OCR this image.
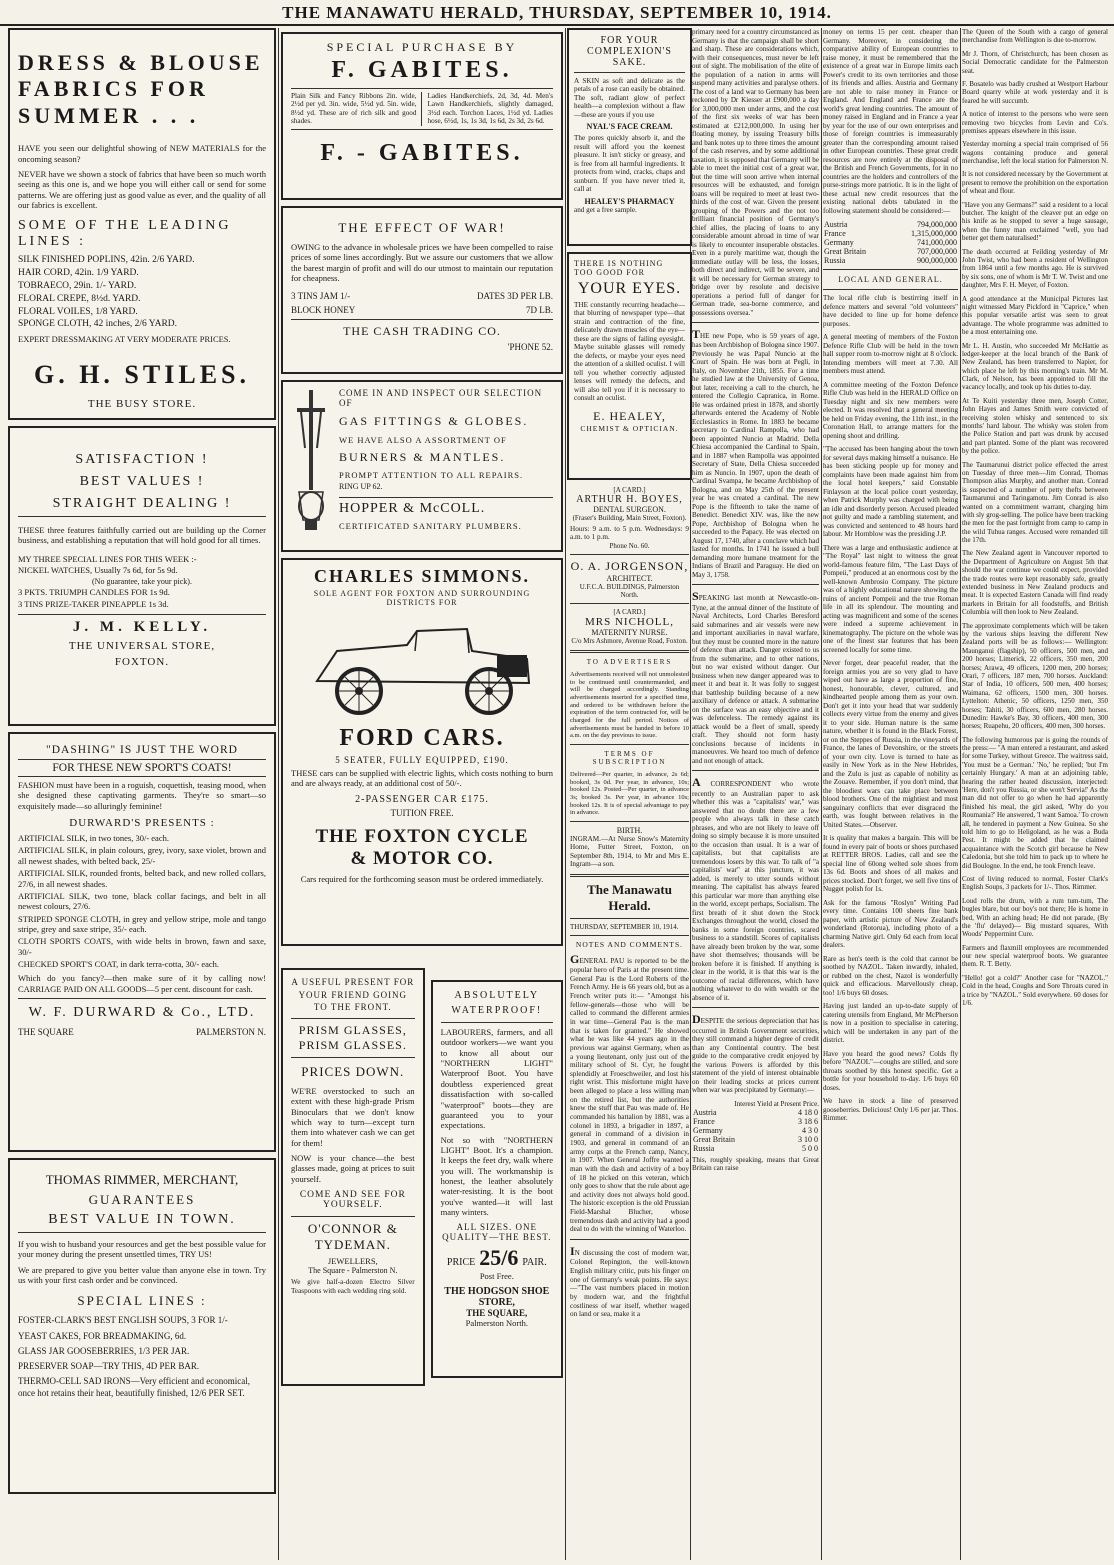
THE MANAWATU HERALD, THURSDAY, SEPTEMBER 10, 1914.
DRESS & BLOUSE FABRICS FOR SUMMER . . .
HAVE you seen our delightful showing of NEW MATERIALS for the oncoming season?
NEVER have we shown a stock of fabrics that have been so much worth seeing as this one is, and we hope you will either call or send for some patterns. We are offering just as good value as ever, and the quality of all our fabrics is excellent.
SOME OF THE LEADING LINES :
SILK FINISHED POPLINS, 42in. 2/6 YARD.
HAIR CORD, 42in. 1/9 YARD.
TOBRAECO, 29in. 1/- YARD.
FLORAL CREPE, 8½d. YARD.
FLORAL VOILES, 1/8 YARD.
SPONGE CLOTH, 42 inches, 2/6 YARD.
EXPERT DRESSMAKING AT VERY MODERATE PRICES.
G. H. STILES.
THE BUSY STORE.
SATISFACTION !
BEST VALUES !
STRAIGHT DEALING !
THESE three features faithfully carried out are building up the Corner business, and establishing a reputation that will hold good for all times.
MY THREE SPECIAL LINES FOR THIS WEEK :-
NICKEL WATCHES, Usually 7s 6d, for 5s 9d.
(No guarantee, take your pick).
3 PKTS. TRIUMPH CANDLES FOR 1s 9d.
3 TINS PRIZE-TAKER PINEAPPLE 1s 3d.
J. M. KELLY.
THE UNIVERSAL STORE,
FOXTON.
"DASHING" IS JUST THE WORD
FOR THESE NEW SPORT'S COATS!
FASHION must have been in a roguish, coquettish, teasing mood, when she designed these captivating garments. They're so smart—so exquisitely made—so alluringly feminine!
DURWARD'S PRESENTS :
ARTIFICIAL SILK, in two tones, 30/- each.
ARTIFICIAL SILK, in plain colours, grey, ivory, saxe violet, brown and all newest shades, with belted back, 25/-
ARTIFICIAL SILK, rounded fronts, belted back, and new rolled collars, 27/6, in all newest shades.
ARTIFICIAL SILK, two tone, black collar facings, and belt in all newest colours, 27/6.
STRIPED SPONGE CLOTH, in grey and yellow stripe, mole and tango stripe, grey and saxe stripe, 35/- each.
CLOTH SPORTS COATS, with wide belts in brown, fawn and saxe, 30/-
CHECKED SPORT'S COAT, in dark terra-cotta, 30/- each.
Which do you fancy?—then make sure of it by calling now! CARRIAGE PAID ON ALL GOODS—5 per cent. discount for cash.
W. F. DURWARD & Co., LTD.
THE SQUARE	PALMERSTON N.
THOMAS RIMMER, MERCHANT,
GUARANTEES
BEST VALUE IN TOWN.
If you wish to husband your resources and get the best possible value for your money during the present unsettled times, TRY US!
We are prepared to give you better value than anyone else in town. Try us with your first cash order and be convinced.
SPECIAL LINES :
FOSTER-CLARK'S BEST ENGLISH SOUPS, 3 FOR 1/-
YEAST CAKES, FOR BREADMAKING, 6d.
GLASS JAR GOOSEBERRIES, 1/3 PER JAR.
PRESERVER SOAP—TRY THIS, 4D PER BAR.
THERMO-CELL SAD IRONS—Very efficient and economical, once hot retains their heat, beautifully finished, 12/6 PER SET.
SPECIAL PURCHASE BY
F. GABITES.
Plain Silk and Fancy Ribbons 2in. wide, 2½d per yd. 3in. wide, 5½d yd. 5in. wide, 8½d yd. These are of rich silk and good shades.
Ladies Handkerchiefs, 2d, 3d, 4d. Men's Lawn Handkerchiefs, slightly damaged, 3½d each. Torchon Laces, 1½d yd. Ladies hose, 6½d, 1s, 1s 3d, 1s 6d, 2s 3d, 2s 6d.
F. - GABITES.
THE EFFECT OF WAR!
OWING to the advance in wholesale prices we have been compelled to raise prices of some lines accordingly. But we assure our customers that we allow the barest margin of profit and will do our utmost to maintain our reputation for cheapness.
3 TINS JAM 1/-	DATES 3D PER LB.
BLOCK HONEY	7D LB.
THE CASH TRADING CO.
'PHONE 52.
COME IN AND INSPECT OUR SELECTION OF
GAS FITTINGS & GLOBES.
WE HAVE ALSO A ASSORTMENT OF
BURNERS & MANTLES.
PROMPT ATTENTION TO ALL REPAIRS.
RING UP 62.
HOPPER & McCOLL.
CERTIFICATED SANITARY PLUMBERS.
CHARLES SIMMONS.
SOLE AGENT FOR FOXTON AND SURROUNDING DISTRICTS FOR
FORD CARS.
5 SEATER, FULLY EQUIPPED, £190.
THESE cars can be supplied with electric lights, which costs nothing to burn and are always ready, at an additional cost of 50/-.
2-PASSENGER CAR £175.
TUITION FREE.
THE FOXTON CYCLE
& MOTOR CO.
Cars required for the forthcoming season must be ordered immediately.
A USEFUL PRESENT FOR YOUR FRIEND GOING TO THE FRONT.
PRISM GLASSES,
PRISM GLASSES.
PRICES DOWN.
WE'RE overstocked to such an extent with these high-grade Prism Binoculars that we don't know which way to turn—except turn them into whatever cash we can get for them!
NOW is your chance—the best glasses made, going at prices to suit yourself.
COME AND SEE FOR YOURSELF.
O'CONNOR & TYDEMAN.
JEWELLERS,
The Square - Palmerston N.
We give half-a-dozen Electro Silver Teaspoons with each wedding ring sold.
ABSOLUTELY WATERPROOF!
LABOURERS, farmers, and all outdoor workers—we want you to know all about our "NORTHERN LIGHT" Waterproof Boot. You have doubtless experienced great dissatisfaction with so-called "waterproof" boots—they are guaranteed you to your expectations.
Not so with "NORTHERN LIGHT" Boot. It's a champion. It keeps the feet dry, walk where you will. The workmanship is honest, the leather absolutely water-resisting. It is the boot you've wanted—it will last many winters.
ALL SIZES. ONE QUALITY—THE BEST.
PRICE 25/6 PAIR.
Post Free.
THE HODGSON SHOE STORE,
THE SQUARE,
Palmerston North.
FOR YOUR COMPLEXION'S SAKE.
A SKIN as soft and delicate as the petals of a rose can easily be obtained. The soft, radiant glow of perfect health—a complexion without a flaw—these are yours if you use
NYAL'S FACE CREAM.
The pores quickly absorb it, and the result will afford you the keenest pleasure. It isn't sticky or greasy, and is free from all harmful ingredients. It protects from wind, cracks, chaps and sunburn. If you have never tried it, call at
HEALEY'S PHARMACY
and get a free sample.
THERE IS NOTHING TOO GOOD FOR
YOUR EYES.
THE constantly recurring headache—that blurring of newspaper type—that strain and contraction of the fine, delicately drawn muscles of the eye—these are the signs of failing eyesight. Maybe suitable glasses will remedy the defects, or maybe your eyes need the attention of a skilled oculist. I will tell you whether correctly adjusted lenses will remedy the defects, and will also tell you if it is necessary to consult an oculist.
E. HEALEY,
CHEMIST & OPTICIAN.
[A CARD.]
ARTHUR H. BOYES,
DENTAL SURGEON.
(Fraser's Building, Main Street, Foxton).
Hours: 9 a.m. to 5 p.m. Wednesdays: 9 a.m. to 1 p.m.
Phone No. 60.
O. A. JORGENSON,
ARCHITECT.
U.F.C.A. BUILDINGS, Palmerston North.
[A CARD.]
MRS NICHOLL,
MATERNITY NURSE.
C/o Mrs Ashmore, Avenue Road, Foxton.
TO ADVERTISERS
Advertisements received will not unmolested to be continued until countermanded, and will be charged accordingly. Standing advertisements inserted for a specified time, and ordered to be withdrawn before the expiration of the term contracted for, will be charged for the full period. Notices of advertisements must be handed in before 10 a.m. on the day previous to issue.
TERMS OF SUBSCRIPTION
Delivered—Per quarter, in advance, 2s 6d; booked, 3s 0d. Per year, in advance, 10s; booked 12s. Posted—Per quarter, in advance 3s; booked 3s. Per year, in advance 10s; booked 12s. It is of special advantage to pay in advance.
BIRTH.
INGRAM.—At Nurse Snow's Maternity Home, Futter Street, Foxton, on September 8th, 1914, to Mr and Mrs E. Ingram—a son.
The Manawatu Herald.
THURSDAY, SEPTEMBER 10, 1914.
NOTES AND COMMENTS.
GENERAL PAU is reported to be the popular hero of Paris at the present time. General Pau is the Lord Roberts of the French Army. He is 66 years old, but as a French writer puts it:— "Amongst his fellow-generals—those who will be called to command the different armies in war time—General Pau is the man that is taken for granted." He showed what he was like 44 years ago in the previous war against Germany, when as a young lieutenant, only just out of the military school of St. Cyr, he fought splendidly at Froeschweiler, and lost his right wrist. This misfortune might have been alleged to place a less willing man on the retired list, but the authorities knew the stuff that Pau was made of. He commanded his battalion by 1881, was a colonel in 1893, a brigadier in 1897, a general in command of a division in 1903, and general in command of an army corps at the French camp, Nancy, in 1907. When General Joffre wanted a man with the dash and activity of a boy of 18 he picked on this veteran, which only goes to show that the rule about age and activity does not always hold good. The historic exception is the old Prussian Field-Marshal Blucher, whose tremendous dash and activity had a good deal to do with the winning of Waterloo.
IN discussing the cost of modern war, Colonel Repington, the well-known English military critic, puts his finger on one of Germany's weak points. He says:—"The vast numbers placed in motion by modern war, and the frightful costliness of war itself, whether waged on land or sea, make it a
primary need for a country circumstanced as Germany is that the campaign shall be short and sharp. These are considerations which, with their consequences, must never be left out of sight. The mobilisation of the elite of the population of a nation in arms will suspend many activities and paralyse others. The cost of a land war to Germany has been reckoned by Dr Kiesser at £900,000 a day for 3,000,000 men under arms, and the cost of the first six weeks of war has been estimated at £212,000,000. In using her floating money, by issuing Treasury bills and bank notes up to three times the amount of the cash reserves, and by some additional taxation, it is supposed that Germany will be able to meet the initial cost of a great war, but the time will soon arrive when internal resources will be exhausted, and foreign loans will be required to meet at least two-thirds of the cost of war. Given the present grouping of the Powers and the not too brilliant financial position of Germany's chief allies, the placing of loans to any considerable amount abroad in time of war is likely to encounter insuperable obstacles. Even in a purely maritime war, though the immediate outlay will be less, the losses, both direct and indirect, will be severe, and it will be necessary for German strategy to bridge over by resolute and decisive operations a period full of danger for German trade, sea-borne commerce, and possessions oversea."
THE new Pope, who is 59 years of age, has been Archbishop of Bologna since 1907. Previously he was Papal Nuncio at the Court of Spain. He was born at Pegli, in Italy, on November 21th, 1855. For a time he studied law at the University of Genoa, but later, receiving a call to the church, he entered the Collegio Capranica, in Rome. He was ordained priest in 1878, and shortly afterwards entered the Academy of Noble Ecclesiastics in Rome. In 1883 he became secretary to Cardinal Rampolla, who had been appointed Nuncio at Madrid. Della Chiesa accompanied the Cardinal to Spain, and in 1887 when Rampolla was appointed Secretary of State, Della Chiesa succeeded him as Nuncio. In 1907, upon the death of Cardinal Svampa, he became Archbishop of Bologna, and on May 25th of the present year he was created a cardinal. The new Pope is the fifteenth to take the name of Benedict. Benedict XIV. was, like the new Pope, Archbishop of Bologna when he succeeded to the Papacy. He was elected on August 17, 1740, after a conclave which had lasted for months. In 1741 he issued a bull demanding more humane treatment for the Indians of Brazil and Paraguay. He died on May 3, 1758.
SPEAKING last month at Newcastle-on-Tyne, at the annual dinner of the Institute of Naval Architects, Lord Charles Beresford said submarines and air vessels were new and important auxiliaries in naval warfare, but they must be counted more in the nature of defence than attack. Danger existed to us from the submarine, and to other nations, but no war existed without danger. Our business when new danger appeared was to meet it and beat it. It was folly to suggest that battleship building because of a new auxiliary of defence or attack. A submarine on the surface was an easy objective and it was defenceless. The remedy against its attack would be a fleet of small, speedy craft. They should not form hasty conclusions because of incidents in manoeuvres. We heard too much of defence and not enough of attack.
A CORRESPONDENT who wrote recently to an Australian paper to ask whether this was a "capitalists' war," was answered that no doubt there are a few people who always talk in these catch phrases, and who are not likely to leave off doing so simply because it is more unsuited to the occasion than usual. It is a war of capitalists, but that capitalists are tremendous losers by this war. To talk of "a capitalists' war" at this juncture, it was added, is merely to utter sounds without meaning. The capitalist has always feared this particular war more than anything else in the world, except perhaps, Socialism. The first breath of it shut down the Stock Exchanges throughout the world, closed the banks in some foreign countries, scared business to a standstill. Scores of capitalists have already been broken by the war, some have shot themselves; thousands will be broken before it is finished. If anything is clear in the world, it is that this war is the outcome of racial differences, which have nothing whatever to do with wealth or the absence of it.
DESPITE the serious depreciation that has occurred in British Government securities, they still command a higher degree of credit than any Continental country. The best guide to the comparative credit enjoyed by the various Powers is afforded by this statement of the yield of interest obtainable on their leading stocks at prices current when war was precipitated by Germany:—
Interest Yield at Present Price.
Austria	4 18 0
France	3 18 6
Germany	4 3 0
Great Britain	3 10 0
Russia	5 0 0
This, roughly speaking, means that Great Britain can raise
money on terms 15 per cent. cheaper than Germany. Moreover, in considering the comparative ability of European countries to raise money, it must be remembered that the existence of a great war in Europe limits each Power's credit to its own territories and those of its friends and allies. Austria and Germany are not able to raise money in France or England. And England and France are the world's great lending countries. The amount of money raised in England and in France a year by year for the use of our own enterprises and those of foreign countries is immeasurably greater than the corresponding amount raised in other European countries. These great credit resources are now entirely at the disposal of the British and French Governments, for in no countries are the holders and controllers of the purse-strings more patriotic. It is in the light of these actual new credit resources that the existing national debts tabulated in the following statement should be considered:—
Austria	794,000,000
France	1,315,000,000
Germany	741,000,000
Great Britain	707,000,000
Russia	900,000,000
LOCAL AND GENERAL.
The local rifle club is bestirring itself in defence matters and several "old volunteers" have decided to line up for home defence purposes.
A general meeting of members of the Foxton Defence Rifle Club will be held in the town hall supper room to-morrow night at 8 o'clock. Intending members will meet at 7.30. All members must attend.
A committee meeting of the Foxton Defence Rifle Club was held in the HERALD Office on Tuesday night and six new members were elected. It was resolved that a general meeting be held on Friday evening, the 11th inst., in the Coronation Hall, to arrange matters for the opening shoot and drilling.
"The accused has been hanging about the town for several days making himself a nuisance. He has been sticking people up for money and complaints have been made against him from the local hotel keepers," said Constable Finlayson at the local police court yesterday, when Patrick Murphy was charged with being an idle and disorderly person. Accused pleaded not guilty and made a rambling statement, and was convicted and sentenced to 48 hours hard labour. Mr Hornblow was the presiding J.P.
There was a large and enthusiastic audience at "The Royal" last night to witness the great world-famous feature film, "The Last Days of Pompeii," produced at an enormous cost by the well-known Ambrosio Company. The picture was of a highly educational nature showing the ruins of ancient Pompeii and the true Roman life in all its splendour. The mounting and acting was magnificent and some of the scenes were indeed a supreme achievement in kinematography. The picture on the whole was one of the finest star features that has been screened locally for some time.
Never forget, dear peaceful reader, that the foreign armies you are so very glad to have wiped out have as large a proportion of fine, honest, honourable, clever, cultured, and kindhearted people among them as your own. Don't get it into your head that war suddenly collects every virtue from the enemy and gives it to your side. Human nature is the same nature, whether it is found in the Black Forest, or on the Steppes of Russia, in the vineyards of France, the lanes of Devonshire, or the streets of your own city. Love is turned to hate as easily in New York as in the New Hebrides, and the Zulu is just as capable of nobility as the Zouave. Remember, if you don't mind, that the bloodiest wars can take place between blood brothers. One of the mightiest and most sanguinary conflicts that ever disgraced the earth, was fought between relatives in the United States.—Observer.
It is quality that makes a bargain. This will be found in every pair of boots or shoes purchased at RETTER BROS. Ladies, call and see the special line of 60ong welted sole shoes from 13s 6d. Boots and shoes of all makes and prices stocked. Don't forget, we sell five tins of Nugget polish for 1s.
Ask for the famous "Roslyn" Writing Pad every time. Contains 100 sheets fine bank paper, with artistic picture of New Zealand's wonderland (Rotorua), including photo of a charming Native girl. Only 6d each from local dealers.
Rare as hen's teeth is the cold that cannot be soothed by NAZOL. Taken inwardly, inhaled, or rubbed on the chest, Nazol is wonderfully quick and efficacious. Marvellously cheap, too! 1/6 buys 60 doses.
Having just landed an up-to-date supply of catering utensils from England, Mr McPherson is now in a position to specialise in catering, which will be undertaken in any part of the district.
Have you heard the good news? Colds fly before "NAZOL"—coughs are stilled, and sore throats soothed by this honest specific. Get a bottle for your household to-day. 1/6 buys 60 doses.
We have in stock a line of preserved gooseberries. Delicious! Only 1/6 per jar. Thos. Rimmer.
The Queen of the South with a cargo of general merchandise from Wellington is due to-morrow.
Mr J. Thorn, of Christchurch, has been chosen as Social Democratic candidate for the Palmerston seat.
F. Bosatelo was badly crushed at Westport Harbour Board quarry while at work yesterday and it is feared he will succumb.
A notice of interest to the persons who were seen removing two bicycles from Levin and Co's. premises appears elsewhere in this issue.
Yesterday morning a special train comprised of 56 wagons containing produce and general merchandise, left the local station for Palmerston N.
It is not considered necessary by the Government at present to remove the prohibition on the exportation of wheat and flour.
"Have you any Germans?" said a resident to a local butcher. The knight of the cleaver put an edge on his knife as he stopped to sever a huge sausage, when the funny man exclaimed "well, you had better get them naturalised!"
The death occurred at Feilding yesterday of Mr John Twist, who had been a resident of Wellington from 1864 until a few months ago. He is survived by six sons, one of whom is Mr T. W. Twist and one daughter, Mrs F. H. Meyer, of Foxton.
A good attendance at the Municipal Pictures last night witnessed Mary Pickford in "Caprice," when this popular versatile artist was seen to great advantage. The whole programme was admitted to be a most entertaining one.
Mr L. H. Austin, who succeeded Mr McHattie as ledger-keeper at the local branch of the Bank of New Zealand, has been transferred to Napier, for which place he left by this morning's train. Mr M. Clark, of Nelson, has been appointed to fill the vacancy locally, and took up his duties to-day.
At Te Kuiti yesterday three men, Joseph Cotter, John Hayes and James Smith were convicted of receiving stolen whisky and sentenced to six months' hard labour. The whisky was stolen from the Police Station and part was drunk by accused and part planted. Some of the plant was recovered by the police.
The Taumarunui district police effected the arrest on Tuesday of three men—Jim Conrad, Thomas Thompson alias Murphy, and another man. Conrad is suspected of a number of petty thefts between Taumarunui and Taringamotu. Jim Conrad is also wanted on a commitment warrant, charging him with sly grog-selling. The police have been tracking the men for the past fortnight from camp to camp in the wild Tuhua ranges. Accused were remanded till the 17th.
The New Zealand agent in Vancouver reported to the Department of Agriculture on August 5th that should the war continue we could expect, provided the trade routes were kept reasonably safe, greatly extended business in New Zealand products and meat. It is expected Eastern Canada will find ready markets in Britain for all foodstuffs, and British Columbia will then look to New Zealand.
The approximate complements which will be taken by the various ships leaving the different New Zealand ports will be as follows:— Wellington: Maunganui (flagship), 50 officers, 500 men, and 200 horses; Limerick, 22 officers, 350 men, 200 horses; Arawa, 49 officers, 1200 men, 200 horses; Orari, 7 officers, 187 men, 700 horses. Auckland: Star of India, 10 officers, 500 men, 400 horses; Waimana, 62 officers, 1500 men, 300 horses. Lyttelton: Athenic, 50 officers, 1250 men, 350 horses; Tahiti, 30 officers, 600 men, 280 horses. Dunedin: Hawke's Bay, 30 officers, 400 men, 300 horses; Ruapehu, 20 officers, 400 men, 300 horses.
The following humorous par is going the rounds of the press:— "A man entered a restaurant, and asked for some Turkey, without Greece. The waitress said, 'You must be a German.' 'No,' he replied; 'but I'm certainly Hungary.' A man at an adjoining table, hearing the rather heated discussion, interjected: 'Here, don't you Russia, or she won't Servia!' As the man did not offer to go when he had apparently finished his meal, the girl asked, 'Why do you Roumania?' He answered, 'I want Samoa.' To crown all, he tendered in payment a New Guinea. So she told him to go to Heligoland, as he was a Buda Pest. It might be added that he claimed acquaintance with the Scotch girl because he New Caledonia, but she told him to pack up to where he did Boulogne. In the end, he took French leave.
Cost of living reduced to normal, Foster Clark's English Soups, 3 packets for 1/-. Thos. Rimmer.
Loud rolls the drum, with a rum tum-tum, The bugles blare, but our boy's not there; He is home in bed, With an aching head; He did not parade, (By the 'flu' delayed)— Big mustard squares, With Woods' Peppermint Cure.
Farmers and flaxmill employees are recommended our new special waterproof boots. We guarantee them. R. T. Betty.
"Hello! got a cold?" Another case for "NAZOL." Cold in the head, Coughs and Sore Throats cured in a trice by "NAZOL." Sold everywhere. 60 doses for 1/6.
